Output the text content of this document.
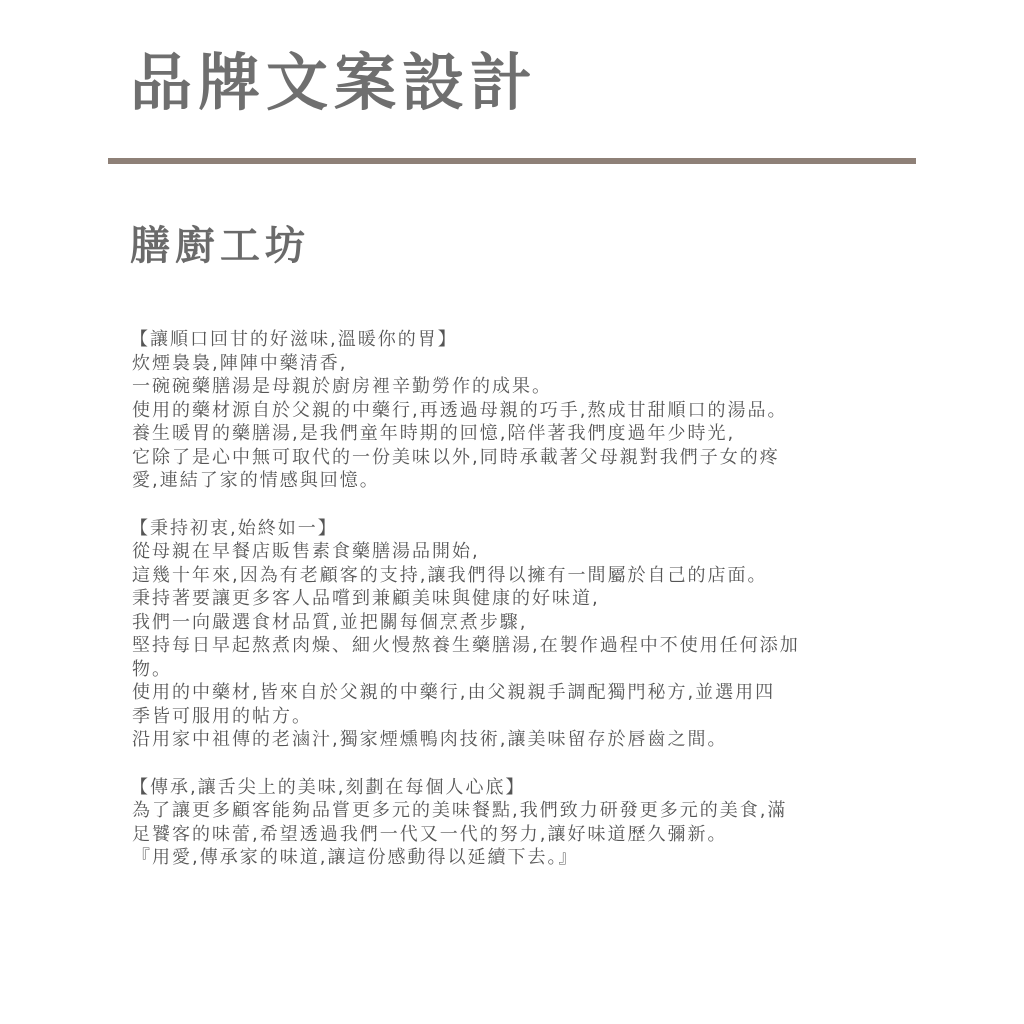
品牌文案設計
膳廚工坊
【讓順口回甘的好滋味,溫暖你的胃】
炊煙裊裊,陣陣中藥清香,
一碗碗藥膳湯是母親於廚房裡辛勤勞作的成果。
使用的藥材源自於父親的中藥行,再透過母親的巧手,熬成甘甜順口的湯品。
養生暖胃的藥膳湯,是我們童年時期的回憶,陪伴著我們度過年少時光,
它除了是心中無可取代的一份美味以外,同時承載著父母親對我們子女的疼
愛,連結了家的情感與回憶。
【秉持初衷,始終如一】
從母親在早餐店販售素食藥膳湯品開始,
這幾十年來,因為有老顧客的支持,讓我們得以擁有一間屬於自己的店面。
秉持著要讓更多客人品嚐到兼顧美味與健康的好味道,
我們一向嚴選食材品質,並把關每個烹煮步驟,
堅持每日早起熬煮肉燥、細火慢熬養生藥膳湯,在製作過程中不使用任何添加
物。
使用的中藥材,皆來自於父親的中藥行,由父親親手調配獨門秘方,並選用四
季皆可服用的帖方。
沿用家中祖傳的老滷汁,獨家煙燻鴨肉技術,讓美味留存於唇齒之間。
【傳承,讓舌尖上的美味,刻劃在每個人心底】
為了讓更多顧客能夠品嘗更多元的美味餐點,我們致力研發更多元的美食,滿
足饕客的味蕾,希望透過我們一代又一代的努力,讓好味道歷久彌新。
『用愛,傳承家的味道,讓這份感動得以延續下去。』
